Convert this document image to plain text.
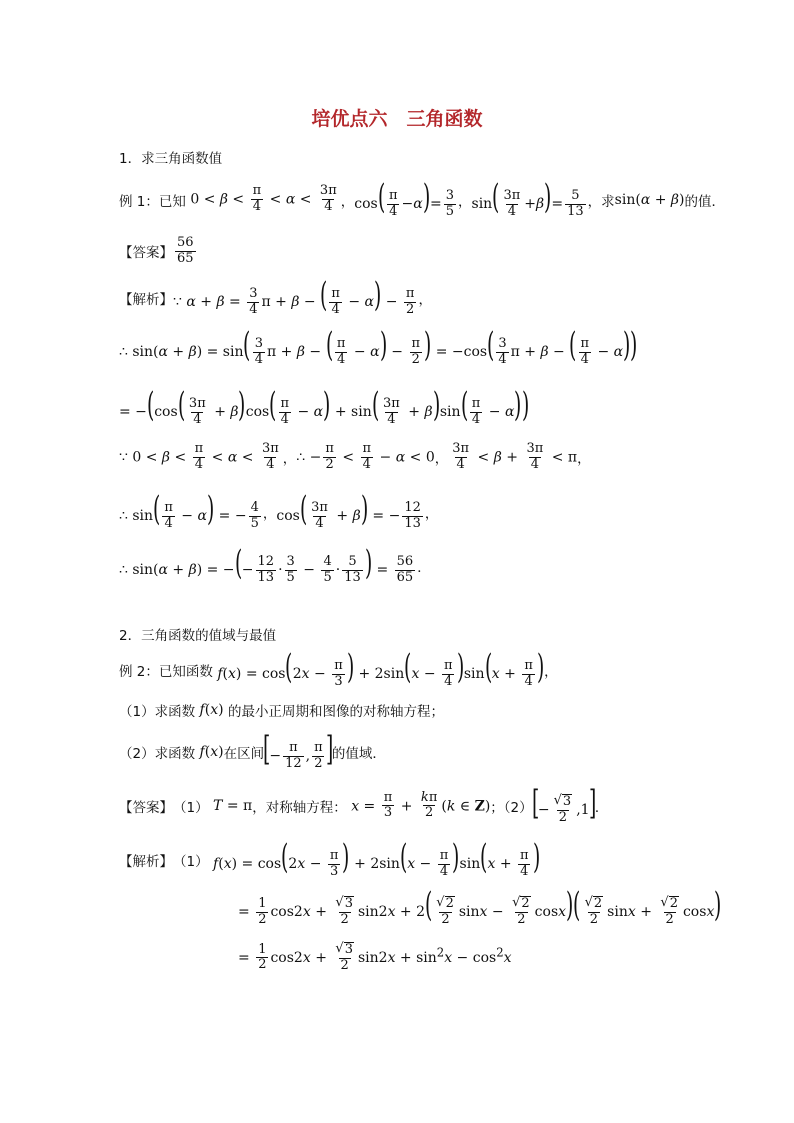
培优点六　三角函数
1．求三角函数值
例 1：已知 $0 < \beta < \frac{\pi}{4} < \alpha < \frac{3\pi}{4}$ ， $\cos( \frac{\pi}{4} -\alpha)= \frac{3}{5}$ ， $\sin( \frac{3\pi}{4} +\beta)= \frac{5}{13}$ ，求 sin(α + β) 的值．
【答案】 $\frac{56}{65}$
【解析】 ∵ $\alpha + \beta = \frac{3}{4}$ π + β − ( $\frac{\pi}{4} - \alpha) - \frac{\pi}{2}$ ，
∴ $\sin(\alpha + \beta) = \sin( \frac{3}{4}$ π + β − ( $\frac{\pi}{4} - \alpha) - \frac{\pi}{2}$ ) = $-\cos( \frac{3}{4}$ π + β − ( $\frac{\pi}{4} - \alpha$))
= $-(\cos( \frac{3\pi}{4} + \beta)\cos( \frac{\pi}{4} - \alpha) + \sin( \frac{3\pi}{4} + \beta)\sin( \frac{\pi}{4} - \alpha))$
∵ $0 < \beta < \frac{\pi}{4} < \alpha < \frac{3\pi}{4}$ ， ∴ − $\frac{\pi}{2} < \frac{\pi}{4} - \alpha < 0$ ， $\frac{3\pi}{4} < \beta + \frac{3\pi}{4} < \pi$ ，
∴ $\sin( \frac{\pi}{4} - \alpha)$ = − $\frac{4}{5}$ ， $\cos( \frac{3\pi}{4} + \beta)$ = − $\frac{12}{13}$ ，
∴ sin(α + β) = −(− $\frac{12}{13} \cdot \frac{3}{5} - \frac{4}{5} \cdot \frac{5}{13}$ ) = $\frac{56}{65}$ ．
2．三角函数的值域与最值
例 2：已知函数 $f(x) = \cos(2x - \frac{\pi}{3}$ ) + $2\sin(x - \frac{\pi}{4} )\sin(x + \frac{\pi}{4}$ ) ，
（1）求函数 f(x) 的最小正周期和图像的对称轴方程；
（2）求函数 f(x) 在区间
[− $\frac{\pi}{12}$ , $\frac{\pi}{2}$ ]
的值域．
【答案】 （1） T = π ，对称轴方程： $x = \frac{\pi}{3} + \frac{k\pi}{2} (k$ ∈ Z) ；（2）
[− $\frac{√ 3}{2} ,1$]
．
【解析】 （1） $f(x) = \cos(2x - \frac{\pi}{3}$ ) + $2\sin(x - \frac{\pi}{4} )\sin(x + \frac{\pi}{4}$ )
= $\frac{1}{2} \cos 2x + \frac{√ 3}{2} \sin 2x + 2( \frac{√ 2}{2}$ $\sin x - \frac{√ 2}{2} \cos x)( \frac{√ 2}{2}$ $\sin x + \frac{√ 2}{2} \cos x$)
= $\frac{1}{2} \cos 2x + \frac{√ 3}{2} \sin 2x + \sin^2x - \cos^2x$
